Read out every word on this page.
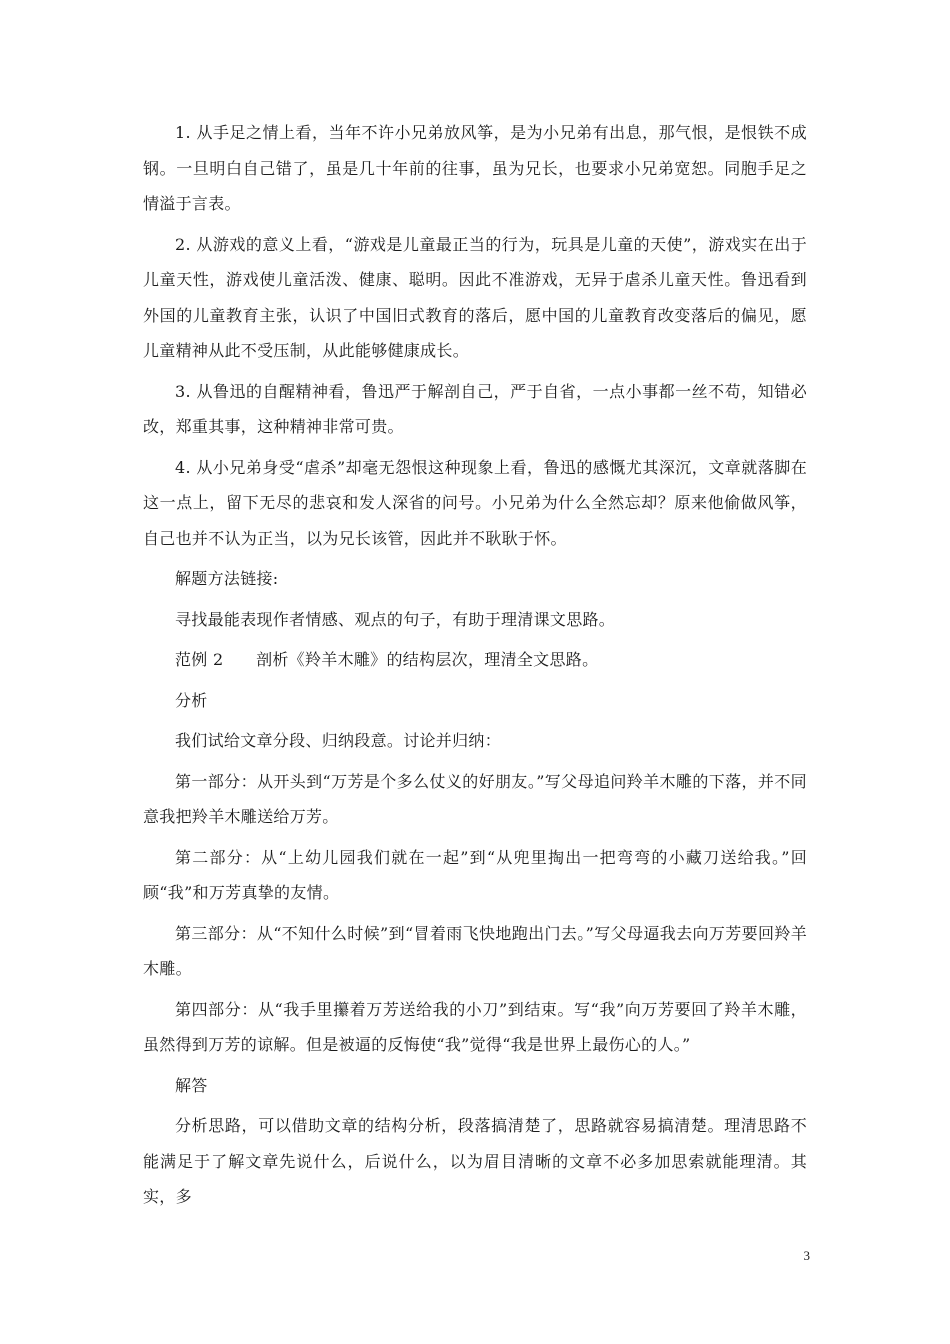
1. 从手足之情上看，当年不许小兄弟放风筝，是为小兄弟有出息，那气恨，是恨铁不成钢。一旦明白自己错了，虽是几十年前的往事，虽为兄长，也要求小兄弟宽恕。同胞手足之情溢于言表。

2. 从游戏的意义上看，“游戏是儿童最正当的行为，玩具是儿童的天使”，游戏实在出于儿童天性，游戏使儿童活泼、健康、聪明。因此不准游戏，无异于虐杀儿童天性。鲁迅看到外国的儿童教育主张，认识了中国旧式教育的落后，愿中国的儿童教育改变落后的偏见，愿儿童精神从此不受压制，从此能够健康成长。

3. 从鲁迅的自醒精神看，鲁迅严于解剖自己，严于自省，一点小事都一丝不苟，知错必改，郑重其事，这种精神非常可贵。

4. 从小兄弟身受“虐杀”却毫无怨恨这种现象上看，鲁迅的感慨尤其深沉，文章就落脚在这一点上，留下无尽的悲哀和发人深省的问号。小兄弟为什么全然忘却？原来他偷做风筝，自己也并不认为正当，以为兄长该管，因此并不耿耿于怀。

解题方法链接:

寻找最能表现作者情感、观点的句子，有助于理清课文思路。

范例 2　　剖析《羚羊木雕》的结构层次，理清全文思路。

分析

我们试给文章分段、归纳段意。讨论并归纳：

第一部分：从开头到“万芳是个多么仗义的好朋友。”写父母追问羚羊木雕的下落，并不同意我把羚羊木雕送给万芳。

第二部分：从“上幼儿园我们就在一起”到“从兜里掏出一把弯弯的小藏刀送给我。”回顾“我”和万芳真挚的友情。

第三部分：从“不知什么时候”到“冒着雨飞快地跑出门去。”写父母逼我去向万芳要回羚羊木雕。

第四部分：从“我手里攥着万芳送给我的小刀”到结束。写“我”向万芳要回了羚羊木雕，虽然得到万芳的谅解。但是被逼的反悔使“我”觉得“我是世界上最伤心的人。”

解答

分析思路，可以借助文章的结构分析，段落搞清楚了，思路就容易搞清楚。理清思路不能满足于了解文章先说什么，后说什么，以为眉目清晰的文章不必多加思索就能理清。其实，多

3
